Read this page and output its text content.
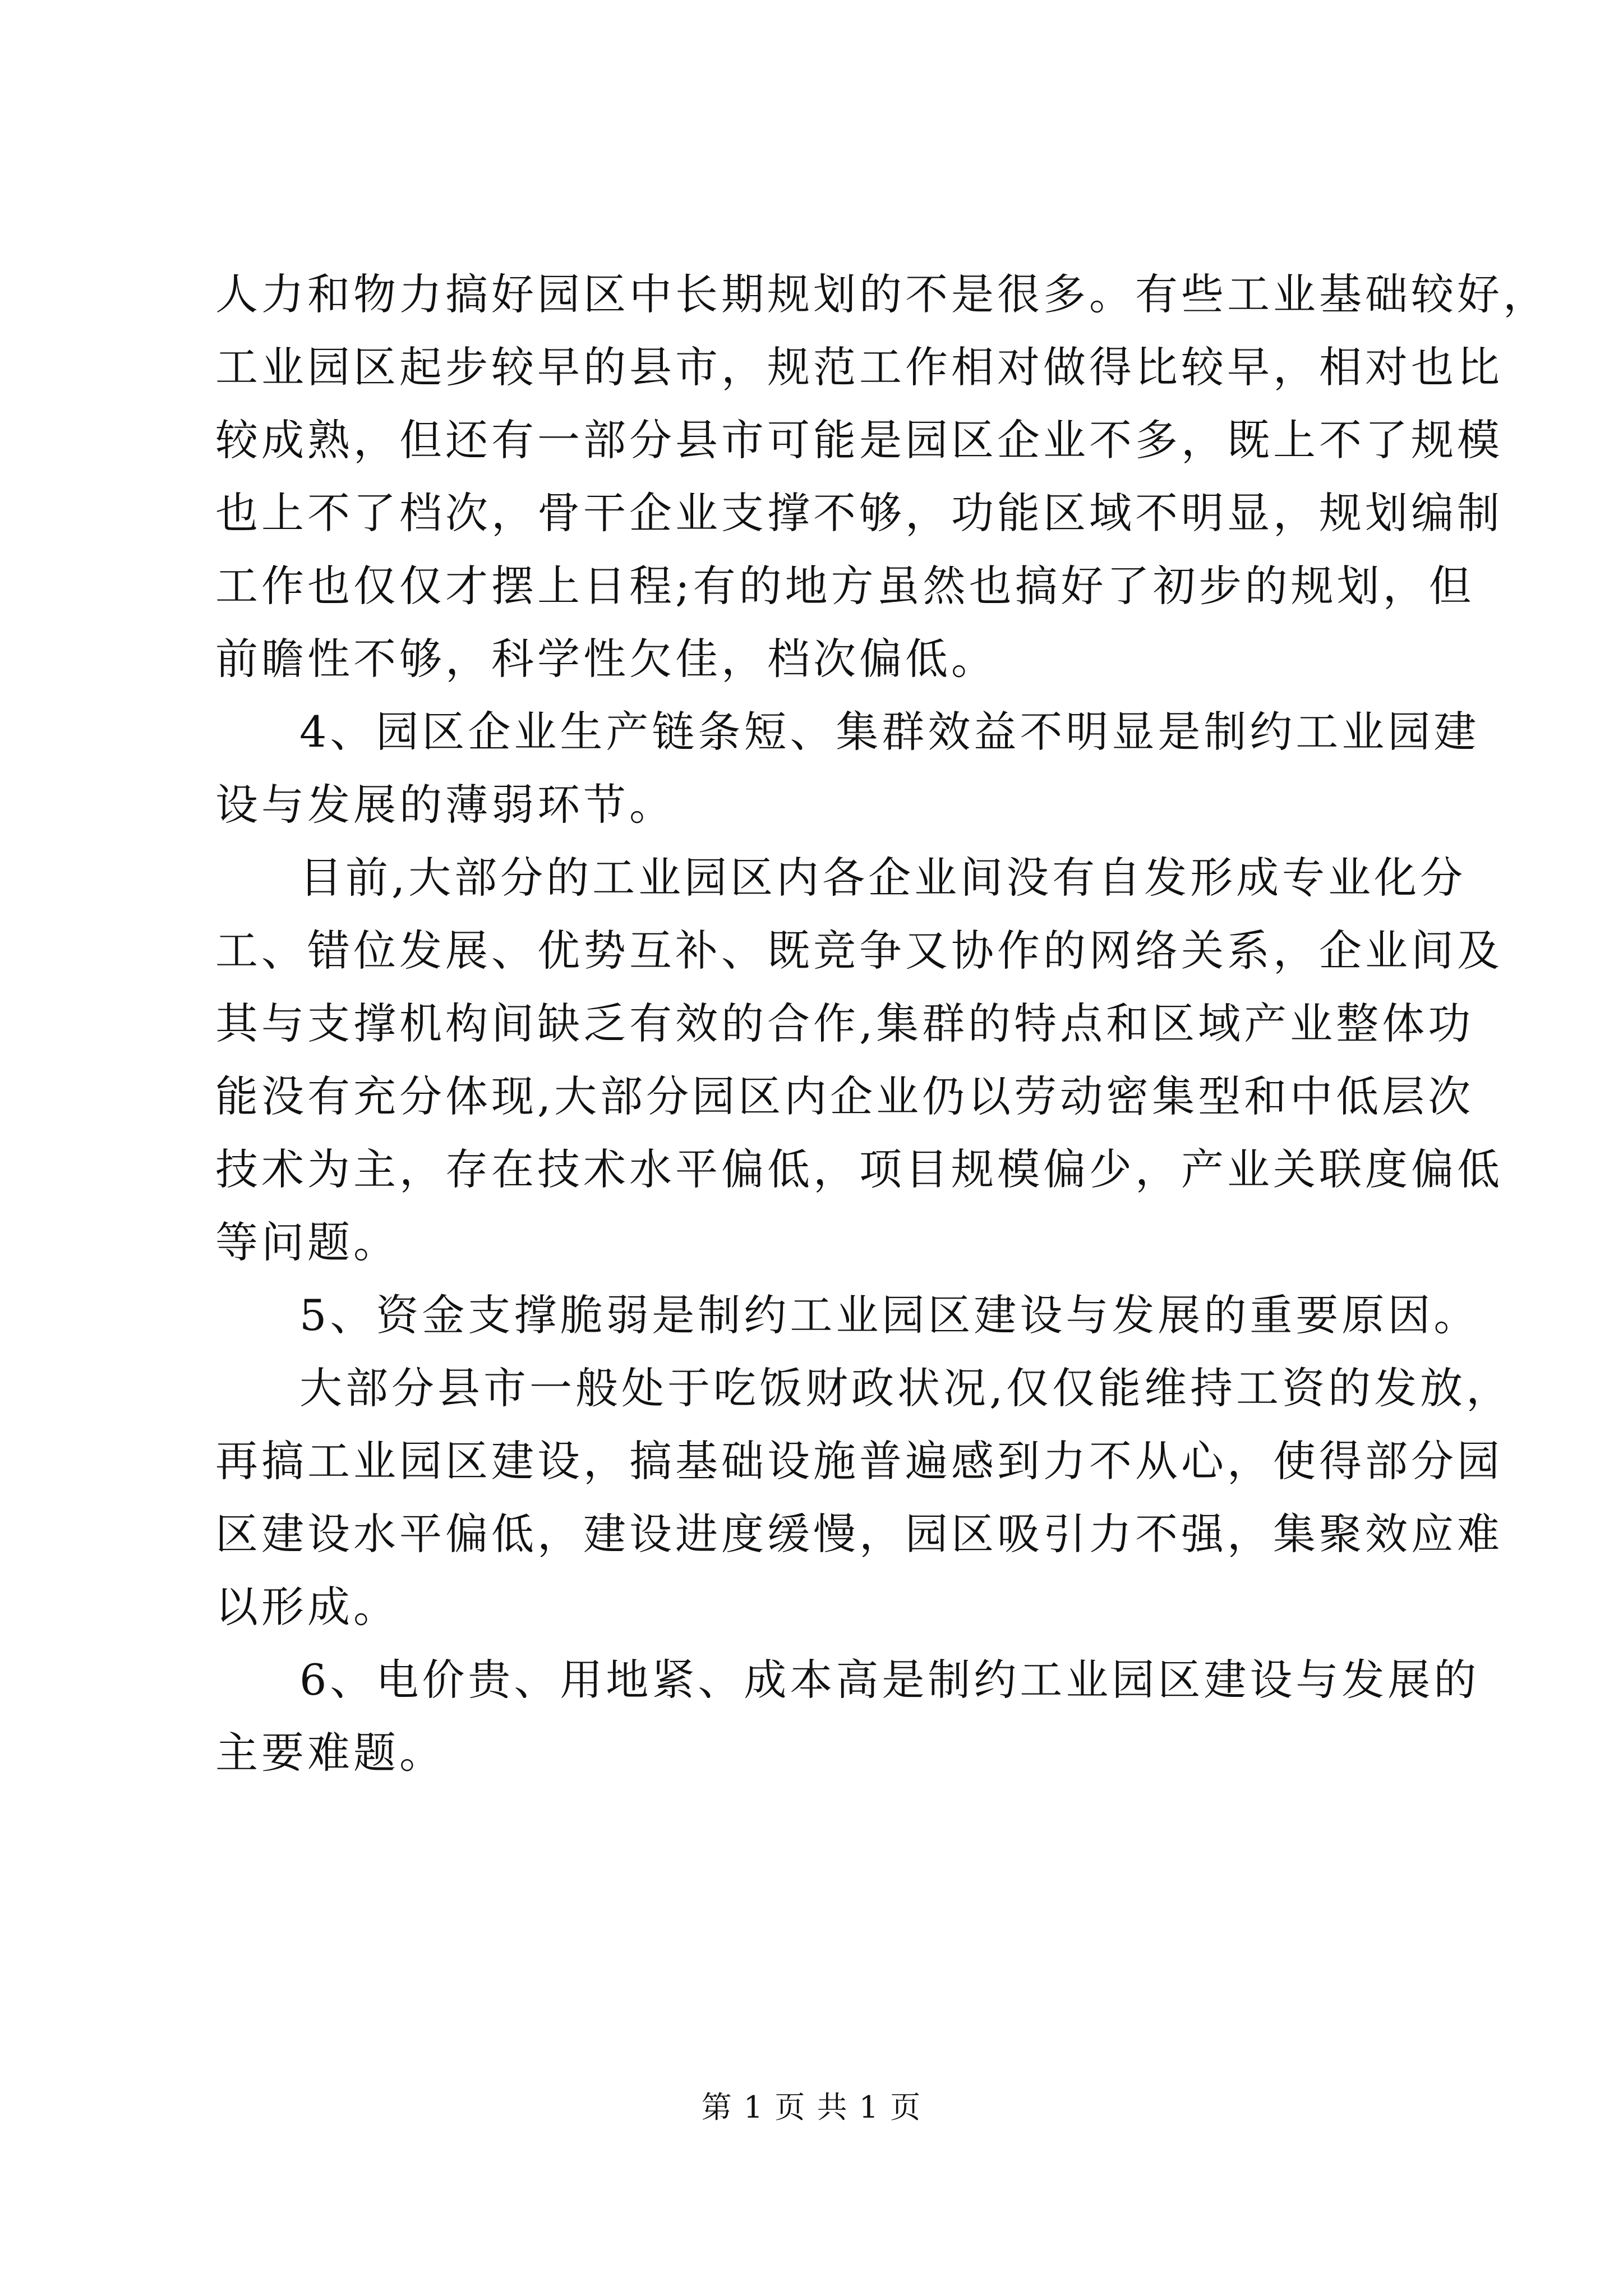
人力和物力搞好园区中长期规划的不是很多。有些工业基础较好，
工业园区起步较早的县市，规范工作相对做得比较早，相对也比
较成熟，但还有一部分县市可能是园区企业不多，既上不了规模
也上不了档次，骨干企业支撑不够，功能区域不明显，规划编制
工作也仅仅才摆上日程;有的地方虽然也搞好了初步的规划，但
前瞻性不够，科学性欠佳，档次偏低。
4、园区企业生产链条短、集群效益不明显是制约工业园建
设与发展的薄弱环节。
目前,大部分的工业园区内各企业间没有自发形成专业化分
工、错位发展、优势互补、既竞争又协作的网络关系，企业间及
其与支撑机构间缺乏有效的合作,集群的特点和区域产业整体功
能没有充分体现,大部分园区内企业仍以劳动密集型和中低层次
技术为主，存在技术水平偏低，项目规模偏少，产业关联度偏低
等问题。
5、资金支撑脆弱是制约工业园区建设与发展的重要原因。
大部分县市一般处于吃饭财政状况,仅仅能维持工资的发放，
再搞工业园区建设，搞基础设施普遍感到力不从心，使得部分园
区建设水平偏低，建设进度缓慢，园区吸引力不强，集聚效应难
以形成。
6、电价贵、用地紧、成本高是制约工业园区建设与发展的
主要难题。
第 1 页 共 1 页
